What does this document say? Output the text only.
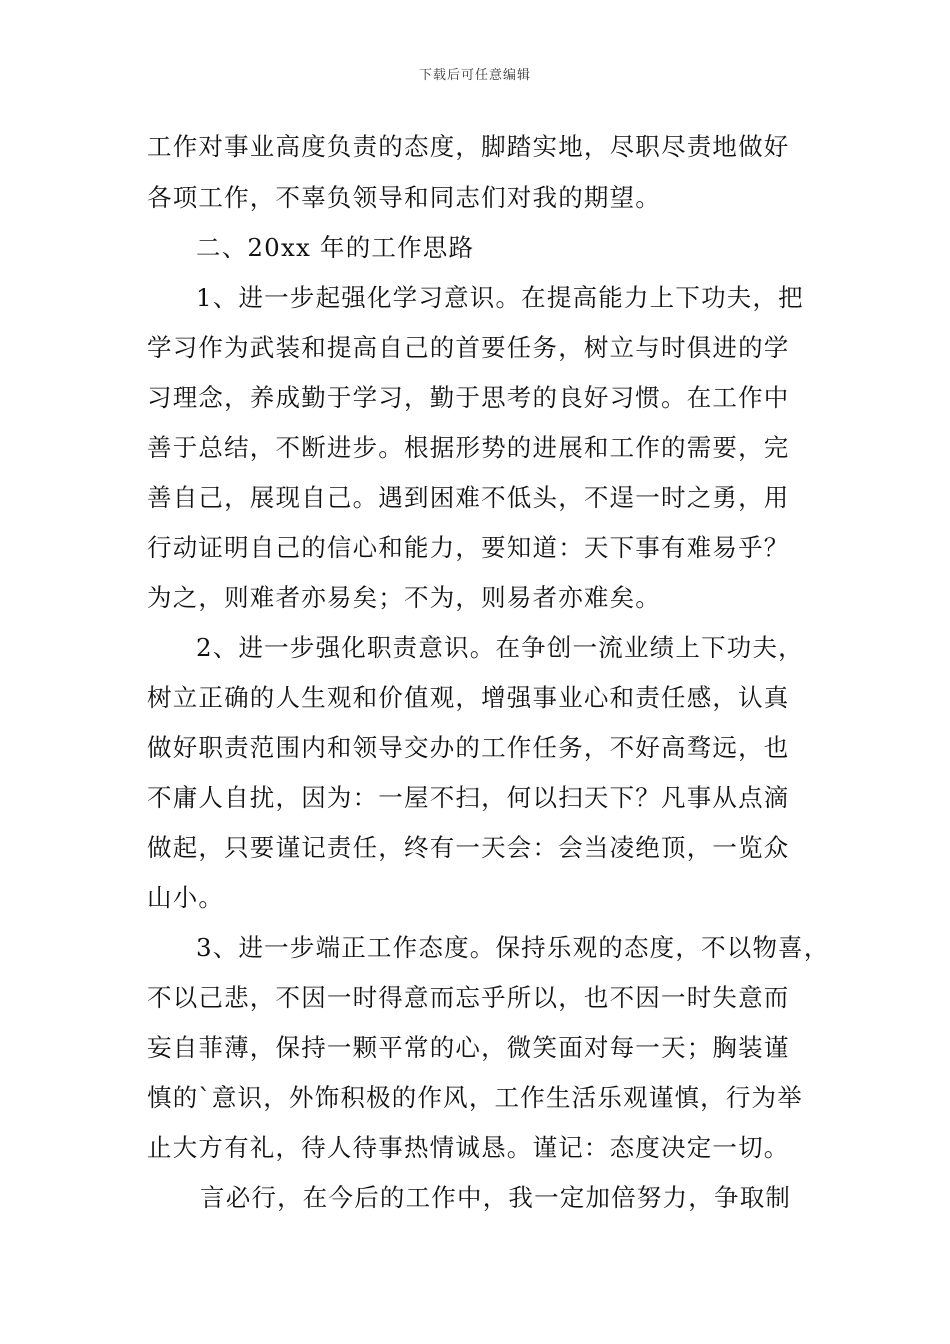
下载后可任意编辑
工作对事业高度负责的态度，脚踏实地，尽职尽责地做好
各项工作，不辜负领导和同志们对我的期望。
二、20xx 年的工作思路
1、进一步起强化学习意识。在提高能力上下功夫，把
学习作为武装和提高自己的首要任务，树立与时俱进的学
习理念，养成勤于学习，勤于思考的良好习惯。在工作中
善于总结，不断进步。根据形势的进展和工作的需要，完
善自己，展现自己。遇到困难不低头，不逞一时之勇，用
行动证明自己的信心和能力，要知道：天下事有难易乎？
为之，则难者亦易矣；不为，则易者亦难矣。
2、进一步强化职责意识。在争创一流业绩上下功夫，
树立正确的人生观和价值观，增强事业心和责任感，认真
做好职责范围内和领导交办的工作任务，不好高骛远，也
不庸人自扰，因为：一屋不扫，何以扫天下？凡事从点滴
做起，只要谨记责任，终有一天会：会当凌绝顶，一览众
山小。
3、进一步端正工作态度。保持乐观的态度，不以物喜，
不以己悲，不因一时得意而忘乎所以，也不因一时失意而
妄自菲薄，保持一颗平常的心，微笑面对每一天；胸装谨
慎的`意识，外饰积极的作风，工作生活乐观谨慎，行为举
止大方有礼，待人待事热情诚恳。谨记：态度决定一切。
言必行，在今后的工作中，我一定加倍努力，争取制
